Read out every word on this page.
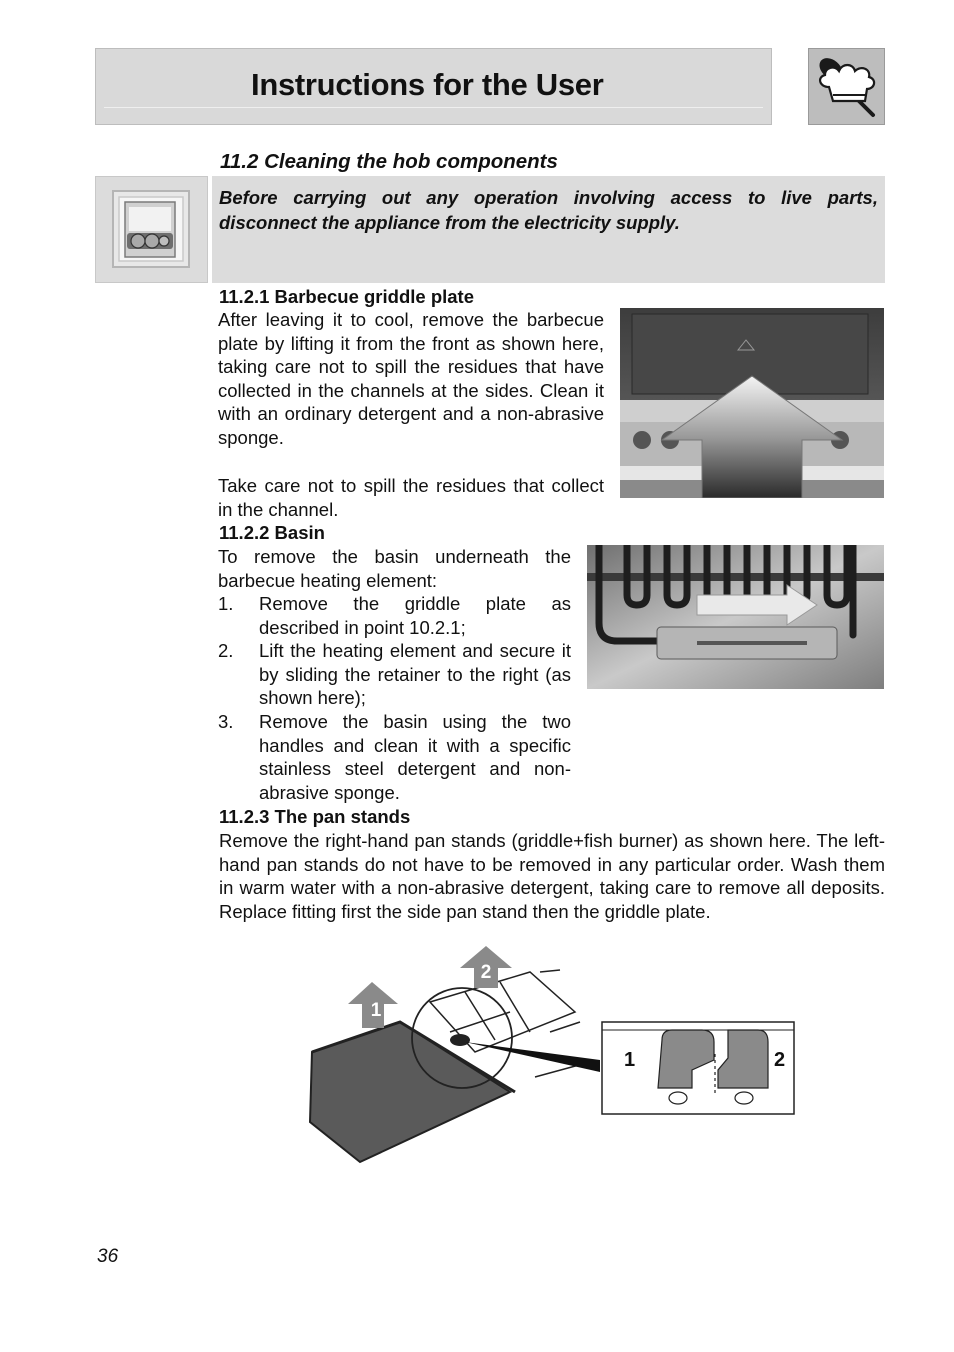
Instructions for the User
11.2 Cleaning the hob components
Before carrying out any operation involving access to live parts, disconnect the appliance from the electricity supply.
11.2.1 Barbecue griddle plate
After leaving it to cool, remove the barbecue plate by lifting it from the front as shown here, taking care not to spill the residues that have collected in the channels at the sides. Clean it with an ordinary detergent and a non-abrasive sponge.
Take care not to spill the residues that collect in the channel.
11.2.2 Basin
To remove the basin underneath the barbecue heating element:
1. Remove the griddle plate as described in point 10.2.1;
2. Lift the heating element and secure it by sliding the retainer to the right (as shown here);
3. Remove the basin using the two handles and clean it with a specific stainless steel detergent and non-abrasive sponge.
11.2.3 The pan stands
Remove the right-hand pan stands (griddle+fish burner) as shown here. The left-hand pan stands do not have to be removed in any particular order. Wash them in warm water with a non-abrasive detergent, taking care to remove all deposits. Replace fitting first the side pan stand then the griddle plate.
1
2
1	2
36
